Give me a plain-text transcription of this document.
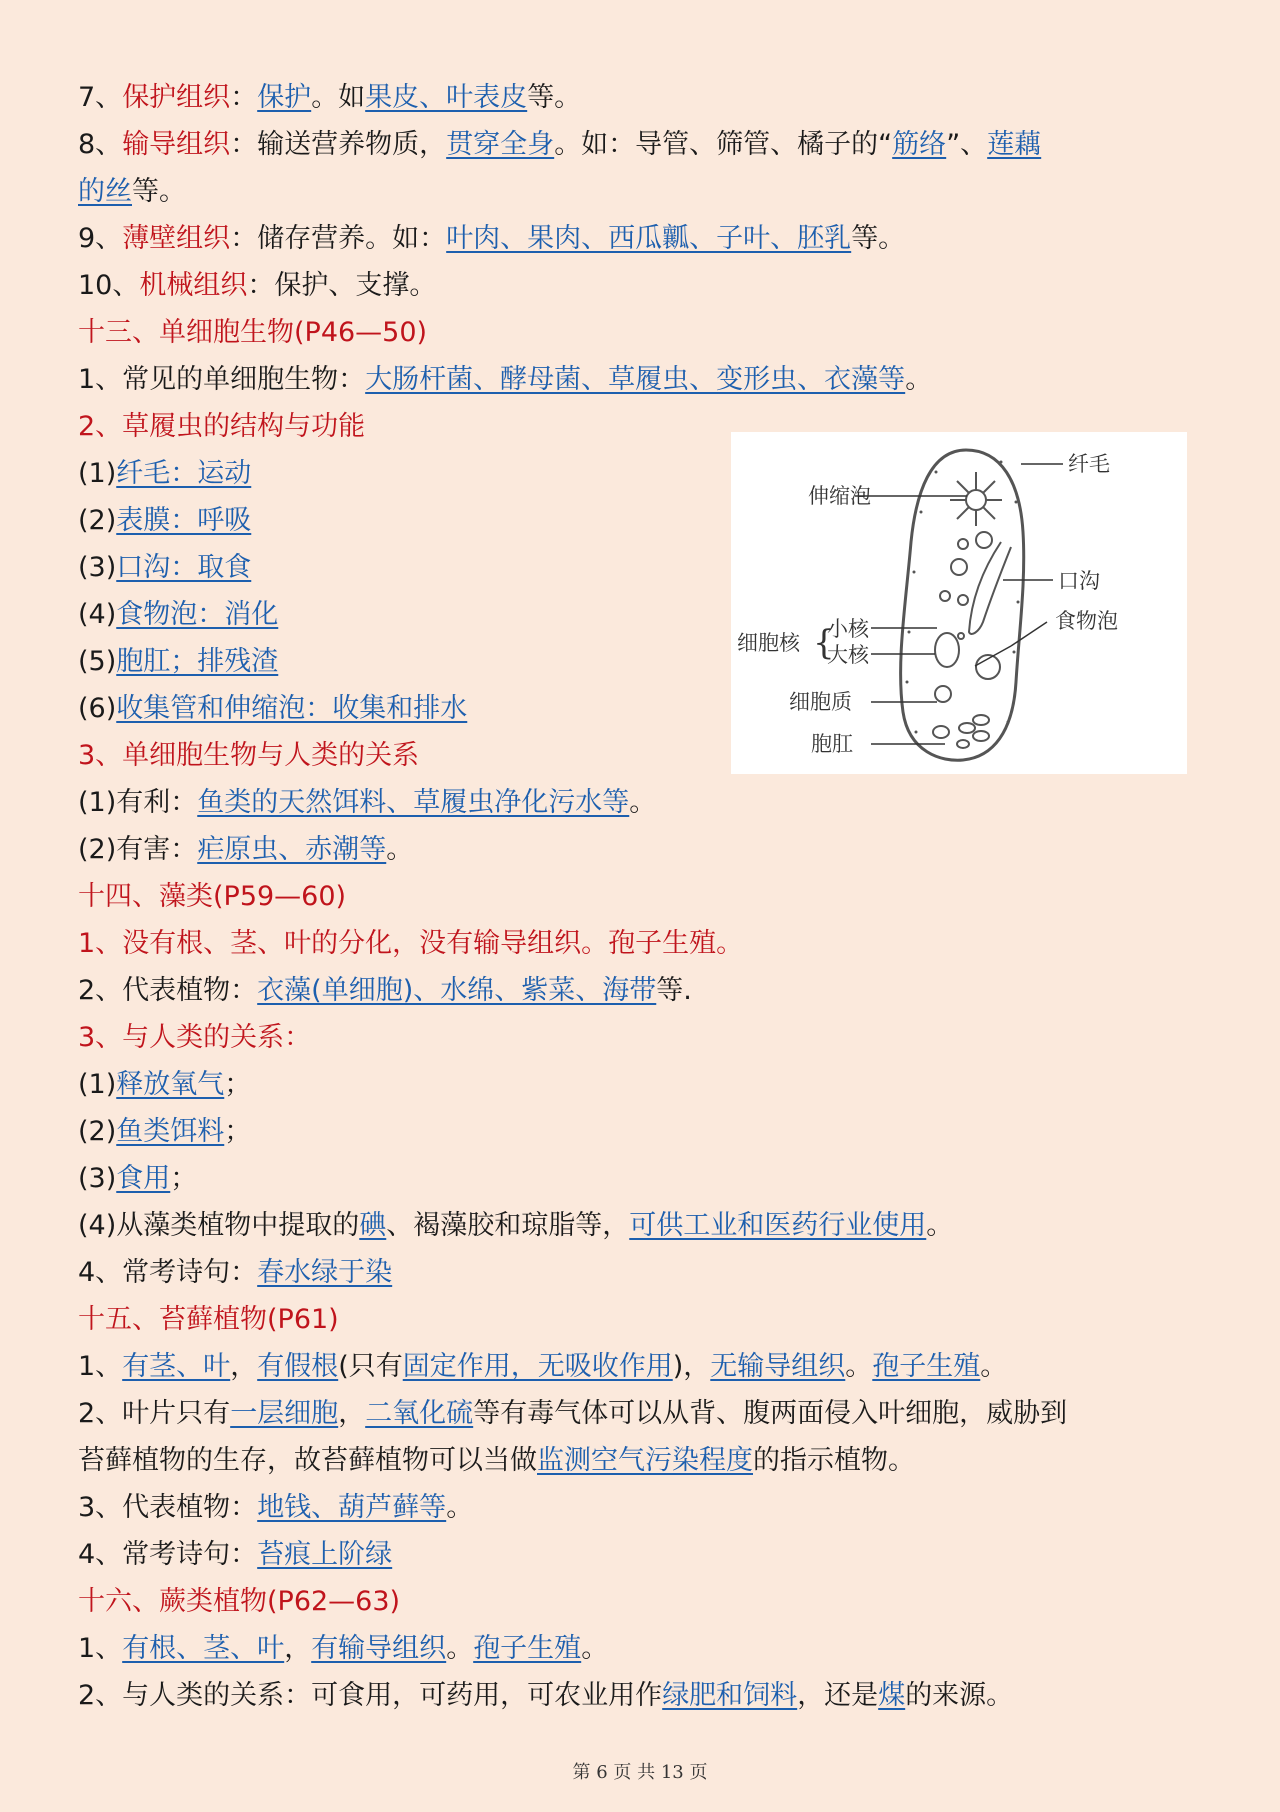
7、保护组织：保护。如果皮、叶表皮等。
8、输导组织：输送营养物质，贯穿全身。如：导管、筛管、橘子的“筋络”、莲藕
的丝等。
9、薄壁组织：储存营养。如：叶肉、果肉、西瓜瓤、子叶、胚乳等。
10、机械组织：保护、支撑。
十三、单细胞生物(P46—50)
1、常见的单细胞生物：大肠杆菌、酵母菌、草履虫、变形虫、衣藻等。
2、草履虫的结构与功能
(1)纤毛：运动
(2)表膜：呼吸
(3)口沟：取食
(4)食物泡：消化
(5)胞肛；排残渣
(6)收集管和伸缩泡：收集和排水
3、单细胞生物与人类的关系
(1)有利：鱼类的天然饵料、草履虫净化污水等。
(2)有害：疟原虫、赤潮等。
十四、藻类(P59—60)
1、没有根、茎、叶的分化，没有输导组织。孢子生殖。
2、代表植物：衣藻(单细胞)、水绵、紫菜、海带等.
3、与人类的关系：
(1)释放氧气；
(2)鱼类饵料；
(3)食用；
(4)从藻类植物中提取的碘、褐藻胶和琼脂等，可供工业和医药行业使用。
4、常考诗句：春水绿于染
十五、苔藓植物(P61)
1、有茎、叶，有假根(只有固定作用，无吸收作用)，无输导组织。孢子生殖。
2、叶片只有一层细胞，二氧化硫等有毒气体可以从背、腹两面侵入叶细胞，威胁到
苔藓植物的生存，故苔藓植物可以当做监测空气污染程度的指示植物。
3、代表植物：地钱、葫芦藓等。
4、常考诗句：苔痕上阶绿
十六、蕨类植物(P62—63)
1、有根、茎、叶，有输导组织。孢子生殖。
2、与人类的关系：可食用，可药用，可农业用作绿肥和饲料，还是煤的来源。
纤毛
伸缩泡
口沟
食物泡
细胞核 {
小核
大核
细胞质
胞肛
第 6 页 共 13 页
